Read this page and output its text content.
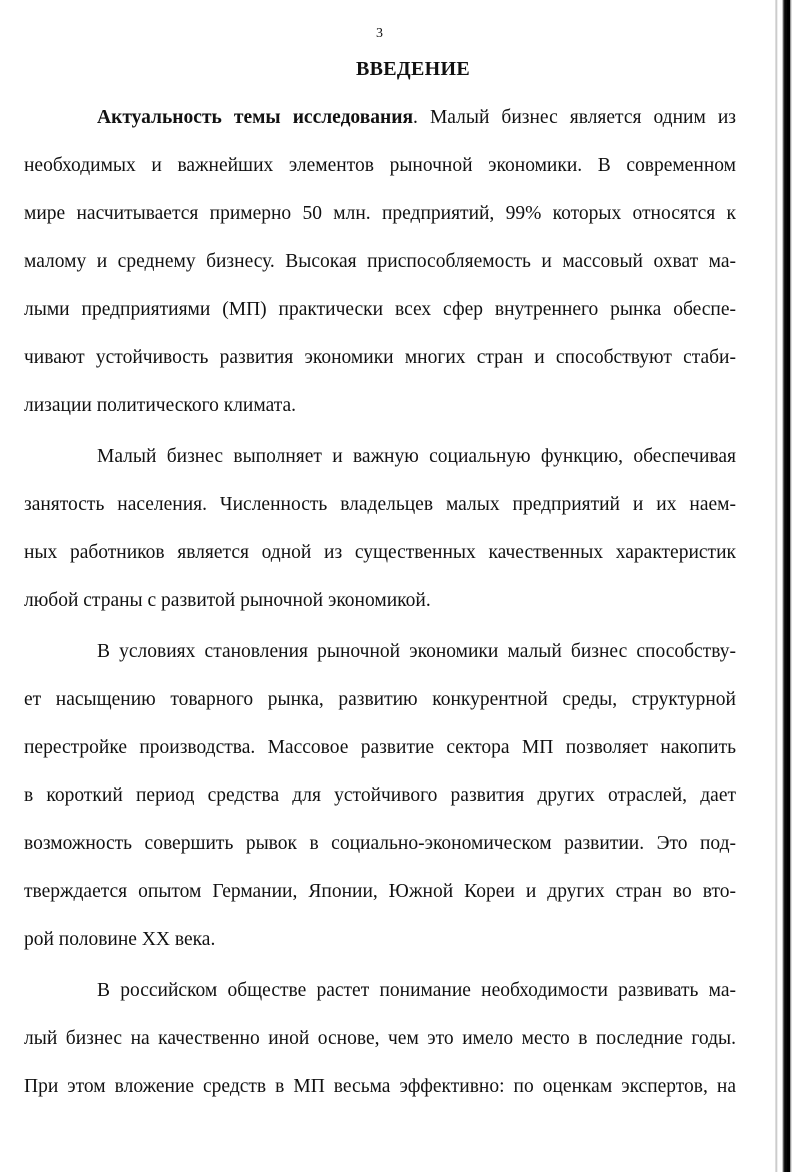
3
ВВЕДЕНИЕ
Актуальность темы исследования. Малый бизнес является одним из
необходимых и важнейших элементов рыночной экономики. В современном
мире насчитывается примерно 50 млн. предприятий, 99% которых относятся к
малому и среднему бизнесу. Высокая приспособляемость и массовый охват ма-
лыми предприятиями (МП) практически всех сфер внутреннего рынка обеспе-
чивают устойчивость развития экономики многих стран и способствуют стаби-
лизации политического климата.
Малый бизнес выполняет и важную социальную функцию, обеспечивая
занятость населения. Численность владельцев малых предприятий и их наем-
ных работников является одной из существенных качественных характеристик
любой страны с развитой рыночной экономикой.
В условиях становления рыночной экономики малый бизнес способству-
ет насыщению товарного рынка, развитию конкурентной среды, структурной
перестройке производства. Массовое развитие сектора МП позволяет накопить
в короткий период средства для устойчивого развития других отраслей, дает
возможность совершить рывок в социально-экономическом развитии. Это под-
тверждается опытом Германии, Японии, Южной Кореи и других стран во вто-
рой половине XX века.
В российском обществе растет понимание необходимости развивать ма-
лый бизнес на качественно иной основе, чем это имело место в последние годы.
При этом вложение средств в МП весьма эффективно: по оценкам экспертов, на
